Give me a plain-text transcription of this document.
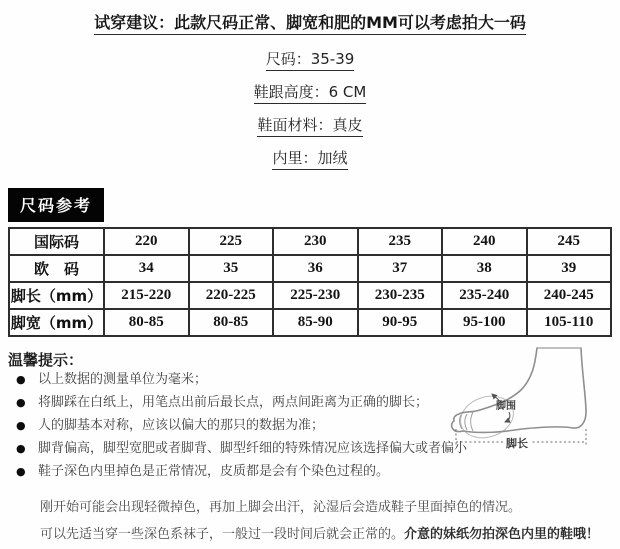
试穿建议：此款尺码正常、脚宽和肥的MM可以考虑拍大一码
尺码：35-39
鞋跟高度：6 CM
鞋面材料：真皮
内里：加绒
尺码参考
国际码	220	225	230	235	240	245
欧　码	34	35	36	37	38	39
脚长（mm）	215-220	220-225	225-230	230-235	235-240	240-245
脚宽（mm）	80-85	80-85	85-90	90-95	95-100	105-110
温馨提示：
● 以上数据的测量单位为毫米；
● 将脚踩在白纸上，用笔点出前后最长点，两点间距离为正确的脚长；
● 人的脚基本对称，应该以偏大的那只的数据为准；
● 脚背偏高，脚型宽肥或者脚背、脚型纤细的特殊情况应该选择偏大或者偏小
● 鞋子深色内里掉色是正常情况，皮质都是会有个染色过程的。
刚开始可能会出现轻微掉色，再加上脚会出汗，沁湿后会造成鞋子里面掉色的情况。
可以先适当穿一些深色系袜子，一般过一段时间后就会正常的。介意的妹纸勿拍深色内里的鞋哦！
脚围
脚长
